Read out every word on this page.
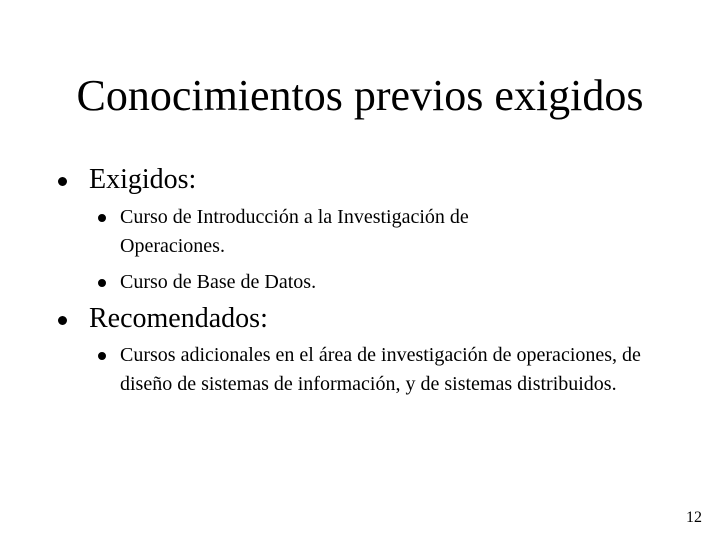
Conocimientos previos exigidos
Exigidos:
Curso de Introducción a la Investigación de Operaciones.
Curso de Base de Datos.
Recomendados:
Cursos adicionales en el área de investigación de operaciones, de diseño de sistemas de información, y de sistemas distribuidos.
12
